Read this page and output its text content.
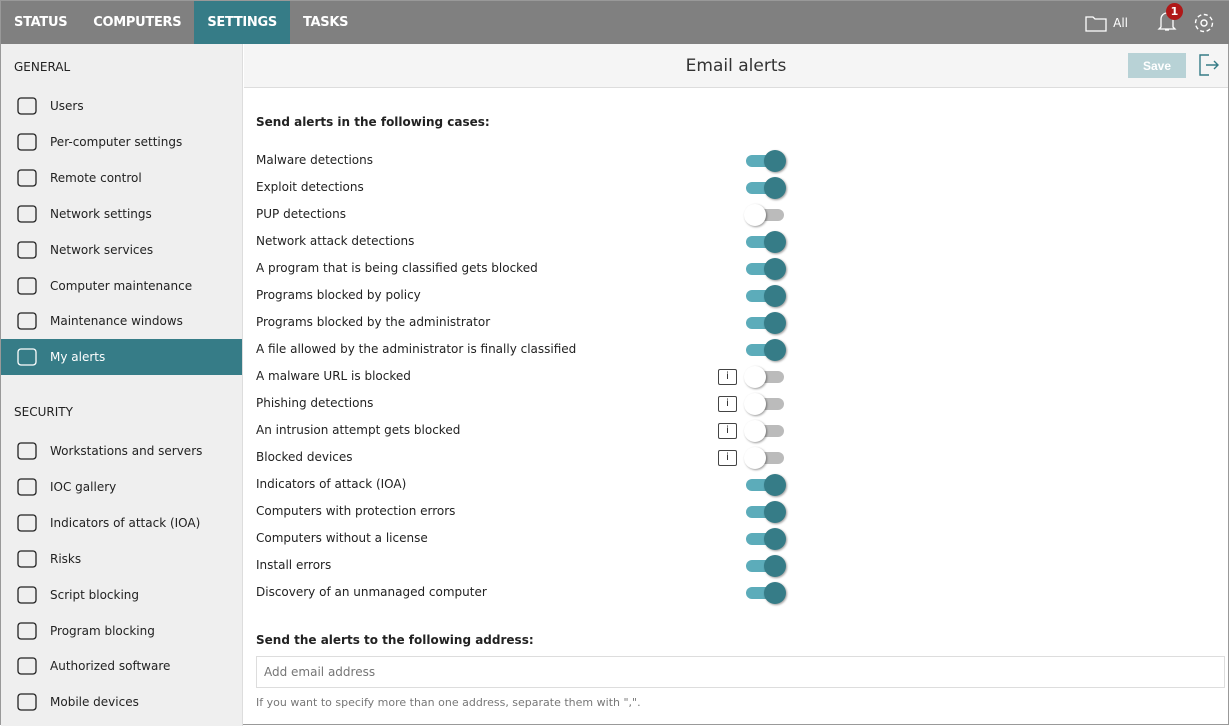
STATUS	COMPUTERS	SETTINGS	TASKS	All
1
GENERAL
SECURITY
Users
Per-computer settings
Remote control
Network settings
Network services
Computer maintenance
Maintenance windows
My alerts
Workstations and servers
IOC gallery
Indicators of attack (IOA)
Risks
Script blocking
Program blocking
Authorized software
Mobile devices
Email alerts	Save
Send alerts in the following cases:
Send the alerts to the following address:
Add email address
If you want to specify more than one address, separate them with ",".
Malware detections
Exploit detections
PUP detections
Network attack detections
A program that is being classified gets blocked
Programs blocked by policy
Programs blocked by the administrator
A file allowed by the administrator is finally classified
A malware URL is blocked	i
Phishing detections	i
An intrusion attempt gets blocked	i
Blocked devices	i
Indicators of attack (IOA)
Computers with protection errors
Computers without a license
Install errors
Discovery of an unmanaged computer
